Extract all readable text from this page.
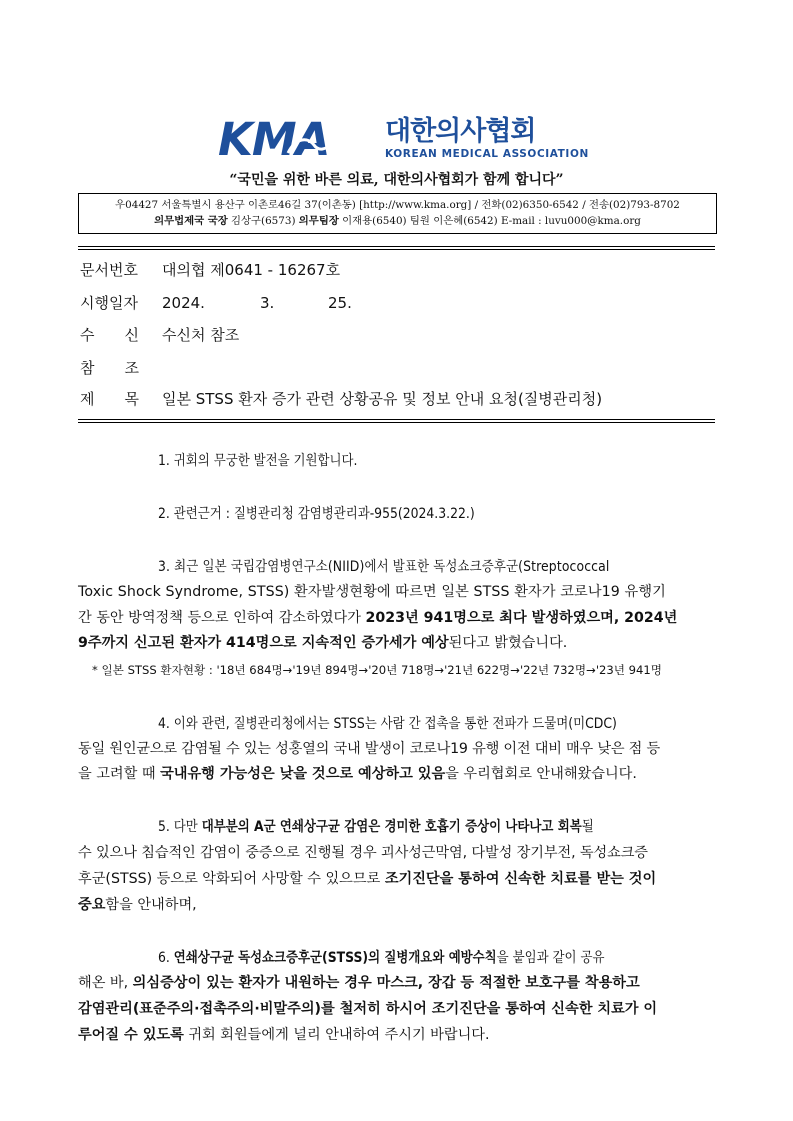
KMA 대한의사협회
KOREAN MEDICAL ASSOCIATION
“국민을 위한 바른 의료, 대한의사협회가 함께 합니다”
우04427 서울특별시 용산구 이촌로46길 37(이촌동) [http://www.kma.org] / 전화(02)6350-6542 / 전송(02)793-8702
의무법제국 국장 김상구(6573) 의무팀장 이재용(6540) 팀원 이은혜(6542) E-mail : luvu000@kma.org
문서번호 대의협 제0641 - 16267호
시행일자 2024.	3.	25.
수 신 수신처 참조
참 조
제 목 일본 STSS 환자 증가 관련 상황공유 및 정보 안내 요청(질병관리청)
1. 귀회의 무궁한 발전을 기원합니다.
2. 관련근거 : 질병관리청 감염병관리과-955(2024.3.22.)
3. 최근 일본 국립감염병연구소(NIID)에서 발표한 독성쇼크증후군(Streptococcal
Toxic Shock Syndrome, STSS) 환자발생현황에 따르면 일본 STSS 환자가 코로나19 유행기
간 동안 방역정책 등으로 인하여 감소하였다가 2023년 941명으로 최다 발생하였으며, 2024년
9주까지 신고된 환자가 414명으로 지속적인 증가세가 예상된다고 밝혔습니다.
* 일본 STSS 환자현황 : '18년 684명→'19년 894명→'20년 718명→'21년 622명→'22년 732명→'23년 941명
4. 이와 관련, 질병관리청에서는 STSS는 사람 간 접촉을 통한 전파가 드물며(미CDC)
동일 원인균으로 감염될 수 있는 성홍열의 국내 발생이 코로나19 유행 이전 대비 매우 낮은 점 등
을 고려할 때 국내유행 가능성은 낮을 것으로 예상하고 있음을 우리협회로 안내해왔습니다.
5. 다만 대부분의 A군 연쇄상구균 감염은 경미한 호흡기 증상이 나타나고 회복될
수 있으나 침습적인 감염이 중증으로 진행될 경우 괴사성근막염, 다발성 장기부전, 독성쇼크증
후군(STSS) 등으로 악화되어 사망할 수 있으므로 조기진단을 통하여 신속한 치료를 받는 것이
중요함을 안내하며,
6. 연쇄상구균 독성쇼크증후군(STSS)의 질병개요와 예방수칙을 붙임과 같이 공유
해온 바, 의심증상이 있는 환자가 내원하는 경우 마스크, 장갑 등 적절한 보호구를 착용하고
감염관리(표준주의·접촉주의·비말주의)를 철저히 하시어 조기진단을 통하여 신속한 치료가 이
루어질 수 있도록 귀회 회원들에게 널리 안내하여 주시기 바랍니다.
